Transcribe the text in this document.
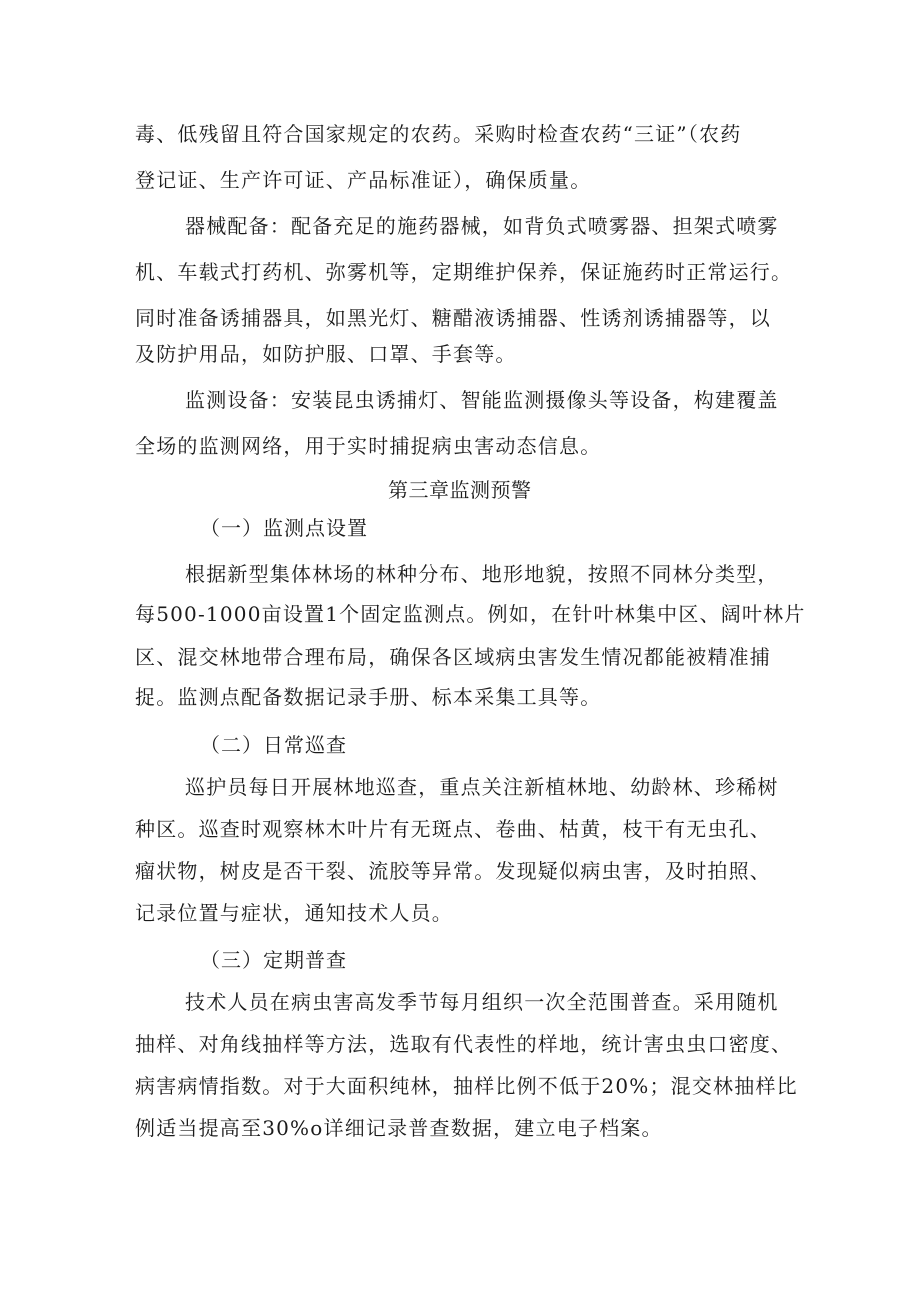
毒、低残留且符合国家规定的农药。采购时检查农药“三证”（农药
登记证、生产许可证、产品标准证），确保质量。
器械配备：配备充足的施药器械，如背负式喷雾器、担架式喷雾
机、车载式打药机、弥雾机等，定期维护保养，保证施药时正常运行。
同时准备诱捕器具，如黑光灯、糖醋液诱捕器、性诱剂诱捕器等，以
及防护用品，如防护服、口罩、手套等。
监测设备：安装昆虫诱捕灯、智能监测摄像头等设备，构建覆盖
全场的监测网络，用于实时捕捉病虫害动态信息。
第三章监测预警
（一）监测点设置
根据新型集体林场的林种分布、地形地貌，按照不同林分类型，
每500-1000亩设置1个固定监测点。例如，在针叶林集中区、阔叶林片
区、混交林地带合理布局，确保各区域病虫害发生情况都能被精准捕
捉。监测点配备数据记录手册、标本采集工具等。
（二）日常巡查
巡护员每日开展林地巡查，重点关注新植林地、幼龄林、珍稀树
种区。巡查时观察林木叶片有无斑点、卷曲、枯黄，枝干有无虫孔、
瘤状物，树皮是否干裂、流胶等异常。发现疑似病虫害，及时拍照、
记录位置与症状，通知技术人员。
（三）定期普查
技术人员在病虫害高发季节每月组织一次全范围普查。采用随机
抽样、对角线抽样等方法，选取有代表性的样地，统计害虫虫口密度、
病害病情指数。对于大面积纯林，抽样比例不低于20%；混交林抽样比
例适当提高至30%o详细记录普查数据，建立电子档案。
